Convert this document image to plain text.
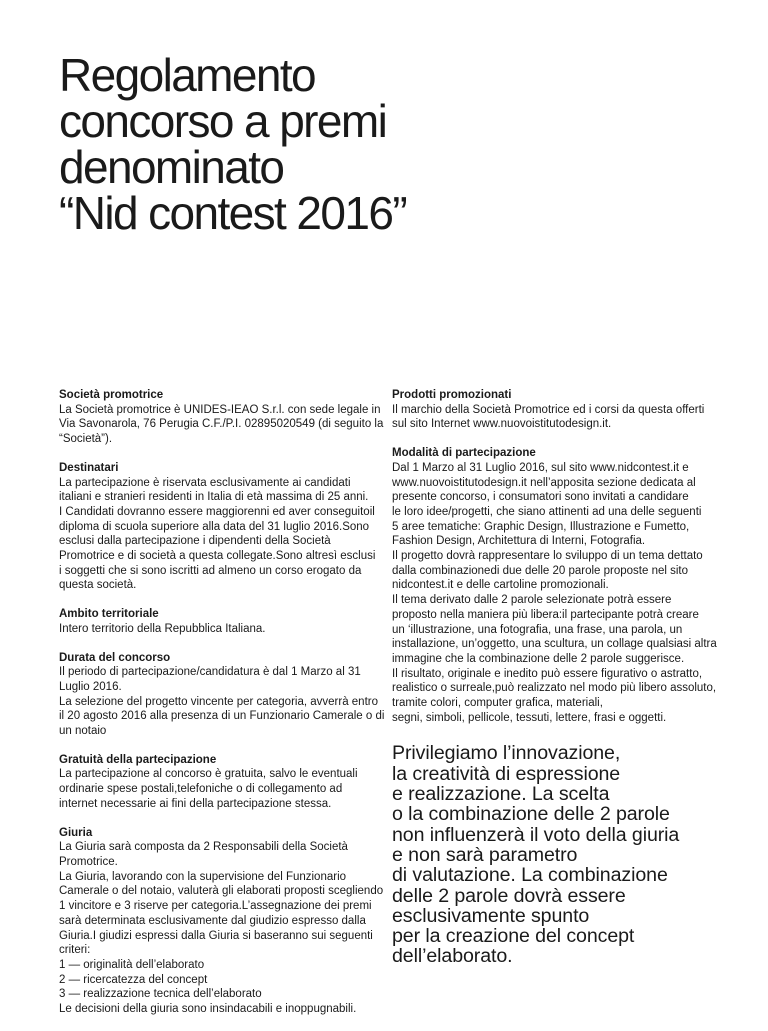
Regolamento
concorso a premi
denominato
“Nid contest 2016”
Società promotrice
La Società promotrice è UNIDES-IEAO S.r.l. con sede legale in
Via Savonarola, 76 Perugia C.F./P.I. 02895020549 (di seguito la
“Società”).
Destinatari
La partecipazione è riservata esclusivamente ai candidati
italiani e stranieri residenti in Italia di età massima di 25 anni.
I Candidati dovranno essere maggiorenni ed aver conseguitoil
diploma di scuola superiore alla data del 31 luglio 2016.Sono
esclusi dalla partecipazione i dipendenti della Società
Promotrice e di società a questa collegate.Sono altresì esclusi
i soggetti che si sono iscritti ad almeno un corso erogato da
questa società.
Ambito territoriale
Intero territorio della Repubblica Italiana.
Durata del concorso
Il periodo di partecipazione/candidatura è dal 1 Marzo al 31
Luglio 2016.
La selezione del progetto vincente per categoria, avverrà entro
il 20 agosto 2016 alla presenza di un Funzionario Camerale o di
un notaio
Gratuità della partecipazione
La partecipazione al concorso è gratuita, salvo le eventuali
ordinarie spese postali,telefoniche o di collegamento ad
internet necessarie ai fini della partecipazione stessa.
Giuria
La Giuria sarà composta da 2 Responsabili della Società
Promotrice.
La Giuria, lavorando con la supervisione del Funzionario
Camerale o del notaio, valuterà gli elaborati proposti scegliendo
1 vincitore e 3 riserve per categoria.L’assegnazione dei premi
sarà determinata esclusivamente dal giudizio espresso dalla
Giuria.I giudizi espressi dalla Giuria si baseranno sui seguenti
criteri:
1 — originalità dell’elaborato
2 — ricercatezza del concept
3 — realizzazione tecnica dell’elaborato
Le decisioni della giuria sono insindacabili e inoppugnabili.
Prodotti promozionati
Il marchio della Società Promotrice ed i corsi da questa offerti
sul sito Internet www.nuovoistitutodesign.it.
Modalità di partecipazione
Dal 1 Marzo al 31 Luglio 2016, sul sito www.nidcontest.it e
www.nuovoistitutodesign.it nell’apposita sezione dedicata al
presente concorso, i consumatori sono invitati a candidare
le loro idee/progetti, che siano attinenti ad una delle seguenti
5 aree tematiche: Graphic Design, Illustrazione e Fumetto,
Fashion Design, Architettura di Interni, Fotografia.
Il progetto dovrà rappresentare lo sviluppo di un tema dettato
dalla combinazionedi due delle 20 parole proposte nel sito
nidcontest.it e delle cartoline promozionali.
Il tema derivato dalle 2 parole selezionate potrà essere
proposto nella maniera più libera:il partecipante potrà creare
un ‘illustrazione, una fotografia, una frase, una parola, un
installazione, un’oggetto, una scultura, un collage qualsiasi altra
immagine che la combinazione delle 2 parole suggerisce.
Il risultato, originale e inedito può essere figurativo o astratto,
realistico o surreale,può realizzato nel modo più libero assoluto,
tramite colori, computer grafica, materiali,
segni, simboli, pellicole, tessuti, lettere, frasi e oggetti.
Privilegiamo l’innovazione,
la creatività di espressione
e realizzazione. La scelta
o la combinazione delle 2 parole
non influenzerà il voto della giuria
e non sarà parametro
di valutazione. La combinazione
delle 2 parole dovrà essere
esclusivamente spunto
per la creazione del concept
dell’elaborato.
